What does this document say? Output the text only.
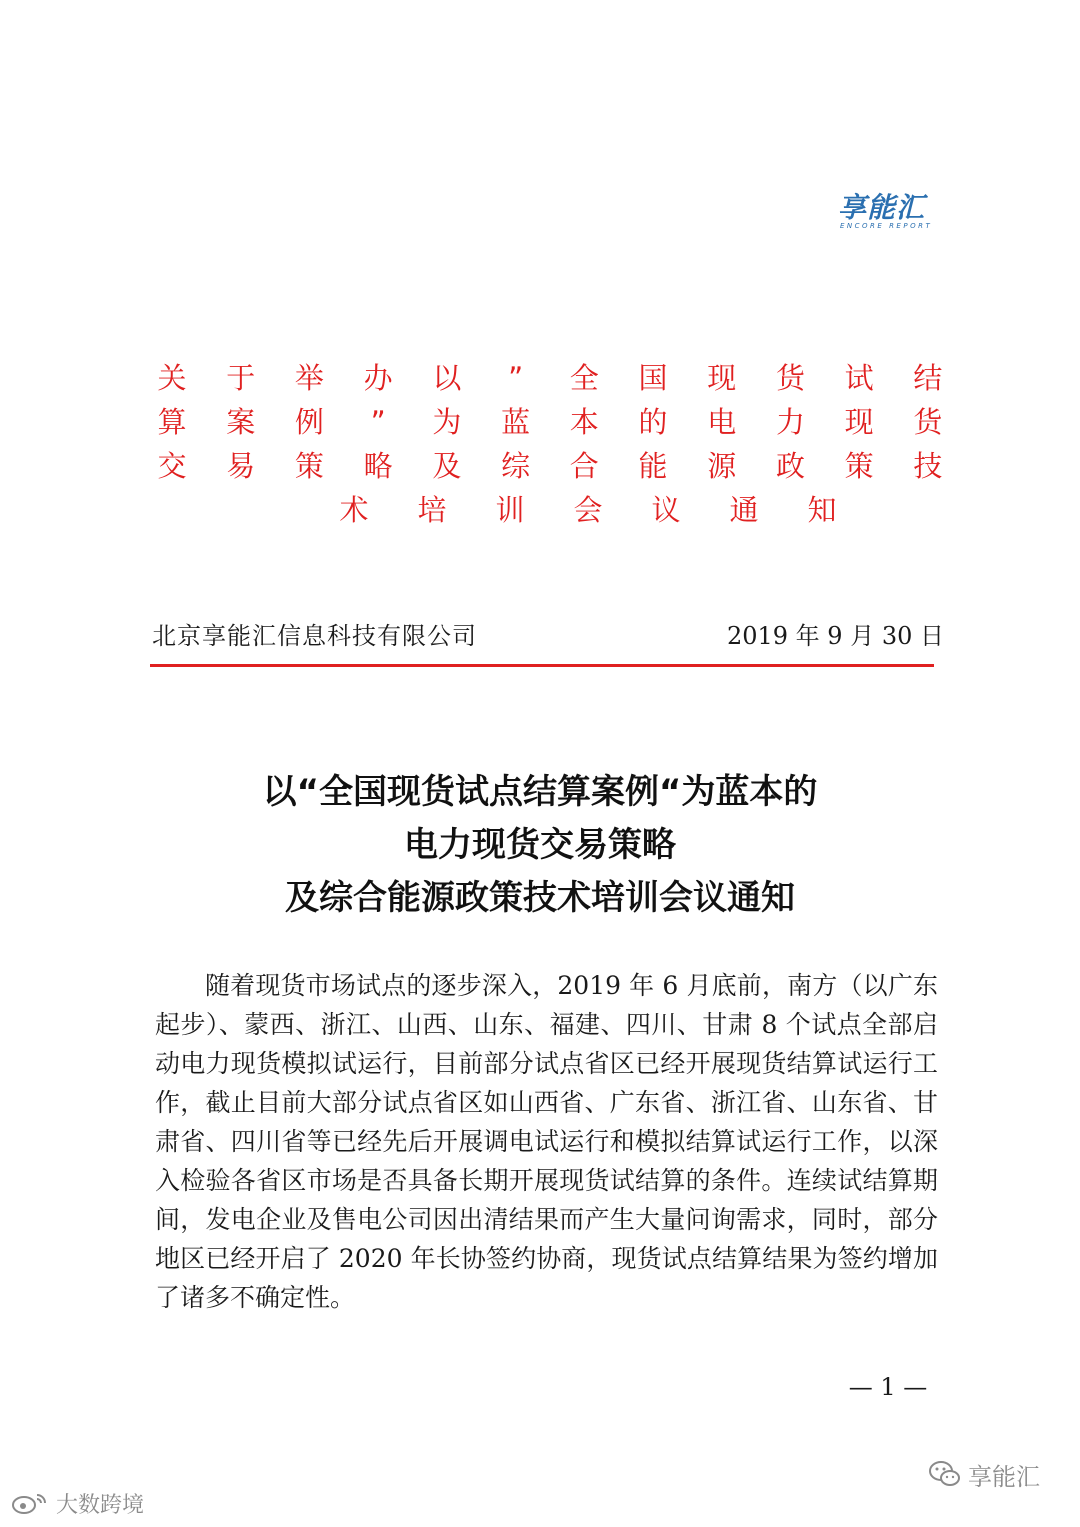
享能汇
ENCORE REPORT
关 于 举 办 以	”	全 国 现 货 试 结
算 案 例	”	为 蓝 本 的 电 力 现 货
交 易 策 略 及 综 合 能 源 政 策 技
术 培 训 会 议 通 知
北京享能汇信息科技有限公司	2019 年 9 月 30 日
以“全国现货试点结算案例“为蓝本的
电力现货交易策略
及综合能源政策技术培训会议通知

随着现货市场试点的逐步深入，2019 年 6 月底前，南方（以广东起步）、蒙西、浙江、山西、山东、福建、四川、甘肃 8 个试点全部启动电力现货模拟试运行，目前部分试点省区已经开展现货结算试运行工作，截止目前大部分试点省区如山西省、广东省、浙江省、山东省、甘肃省、四川省等已经先后开展调电试运行和模拟结算试运行工作，以深入检验各省区市场是否具备长期开展现货试结算的条件。连续试结算期间，发电企业及售电公司因出清结果而产生大量问询需求，同时，部分地区已经开启了 2020 年长协签约协商，现货试点结算结果为签约增加了诸多不确定性。

— 1 —
大数跨境
享能汇
